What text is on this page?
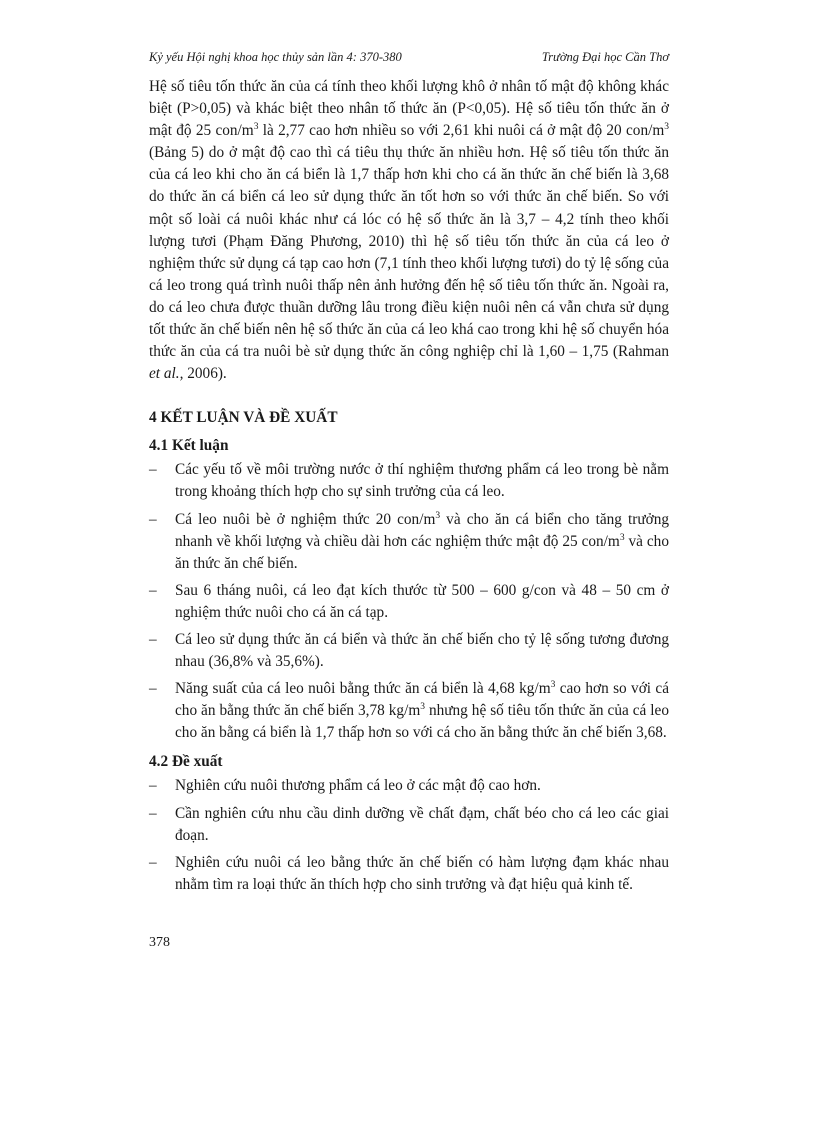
Kỷ yếu Hội nghị khoa học thủy sản lần 4: 370-380	Trường Đại học Cần Thơ

Hệ số tiêu tốn thức ăn của cá tính theo khối lượng khô ở nhân tố mật độ không khác biệt (P>0,05) và khác biệt theo nhân tố thức ăn (P<0,05). Hệ số tiêu tốn thức ăn ở mật độ 25 con/$m^3$ là 2,77 cao hơn nhiều so với 2,61 khi nuôi cá ở mật độ 20 con/$m^3$ (Bảng 5) do ở mật độ cao thì cá tiêu thụ thức ăn nhiều hơn. Hệ số tiêu tốn thức ăn của cá leo khi cho ăn cá biển là 1,7 thấp hơn khi cho cá ăn thức ăn chế biến là 3,68 do thức ăn cá biển cá leo sử dụng thức ăn tốt hơn so với thức ăn chế biến. So với một số loài cá nuôi khác như cá lóc có hệ số thức ăn là 3,7 – 4,2 tính theo khối lượng tươi (Phạm Đăng Phương, 2010) thì hệ số tiêu tốn thức ăn của cá leo ở nghiệm thức sử dụng cá tạp cao hơn (7,1 tính theo khối lượng tươi) do tỷ lệ sống của cá leo trong quá trình nuôi thấp nên ảnh hưởng đến hệ số tiêu tốn thức ăn. Ngoài ra, do cá leo chưa được thuần dưỡng lâu trong điều kiện nuôi nên cá vẫn chưa sử dụng tốt thức ăn chế biến nên hệ số thức ăn của cá leo khá cao trong khi hệ số chuyển hóa thức ăn của cá tra nuôi bè sử dụng thức ăn công nghiệp chỉ là 1,60 – 1,75 (Rahman et al., 2006).

4 KẾT LUẬN VÀ ĐỀ XUẤT
4.1 Kết luận
– Các yếu tố về môi trường nước ở thí nghiệm thương phẩm cá leo trong bè nằm trong khoảng thích hợp cho sự sinh trưởng của cá leo.
– Cá leo nuôi bè ở nghiệm thức 20 con/$m^3$ và cho ăn cá biển cho tăng trưởng nhanh về khối lượng và chiều dài hơn các nghiệm thức mật độ 25 con/$m^3$ và cho ăn thức ăn chế biến.
– Sau 6 tháng nuôi, cá leo đạt kích thước từ 500 – 600 g/con và 48 – 50 cm ở nghiệm thức nuôi cho cá ăn cá tạp.
– Cá leo sử dụng thức ăn cá biển và thức ăn chế biến cho tỷ lệ sống tương đương nhau (36,8% và 35,6%).
– Năng suất của cá leo nuôi bằng thức ăn cá biển là 4,68 $kg/m^3$ cao hơn so với cá cho ăn bằng thức ăn chế biến 3,78 $kg/m^3$ nhưng hệ số tiêu tốn thức ăn của cá leo cho ăn bằng cá biển là 1,7 thấp hơn so với cá cho ăn bằng thức ăn chế biến 3,68.
4.2 Đề xuất
– Nghiên cứu nuôi thương phẩm cá leo ở các mật độ cao hơn.
– Cần nghiên cứu nhu cầu dinh dưỡng về chất đạm, chất béo cho cá leo các giai đoạn.
– Nghiên cứu nuôi cá leo bằng thức ăn chế biến có hàm lượng đạm khác nhau nhằm tìm ra loại thức ăn thích hợp cho sinh trưởng và đạt hiệu quả kinh tế.
378
